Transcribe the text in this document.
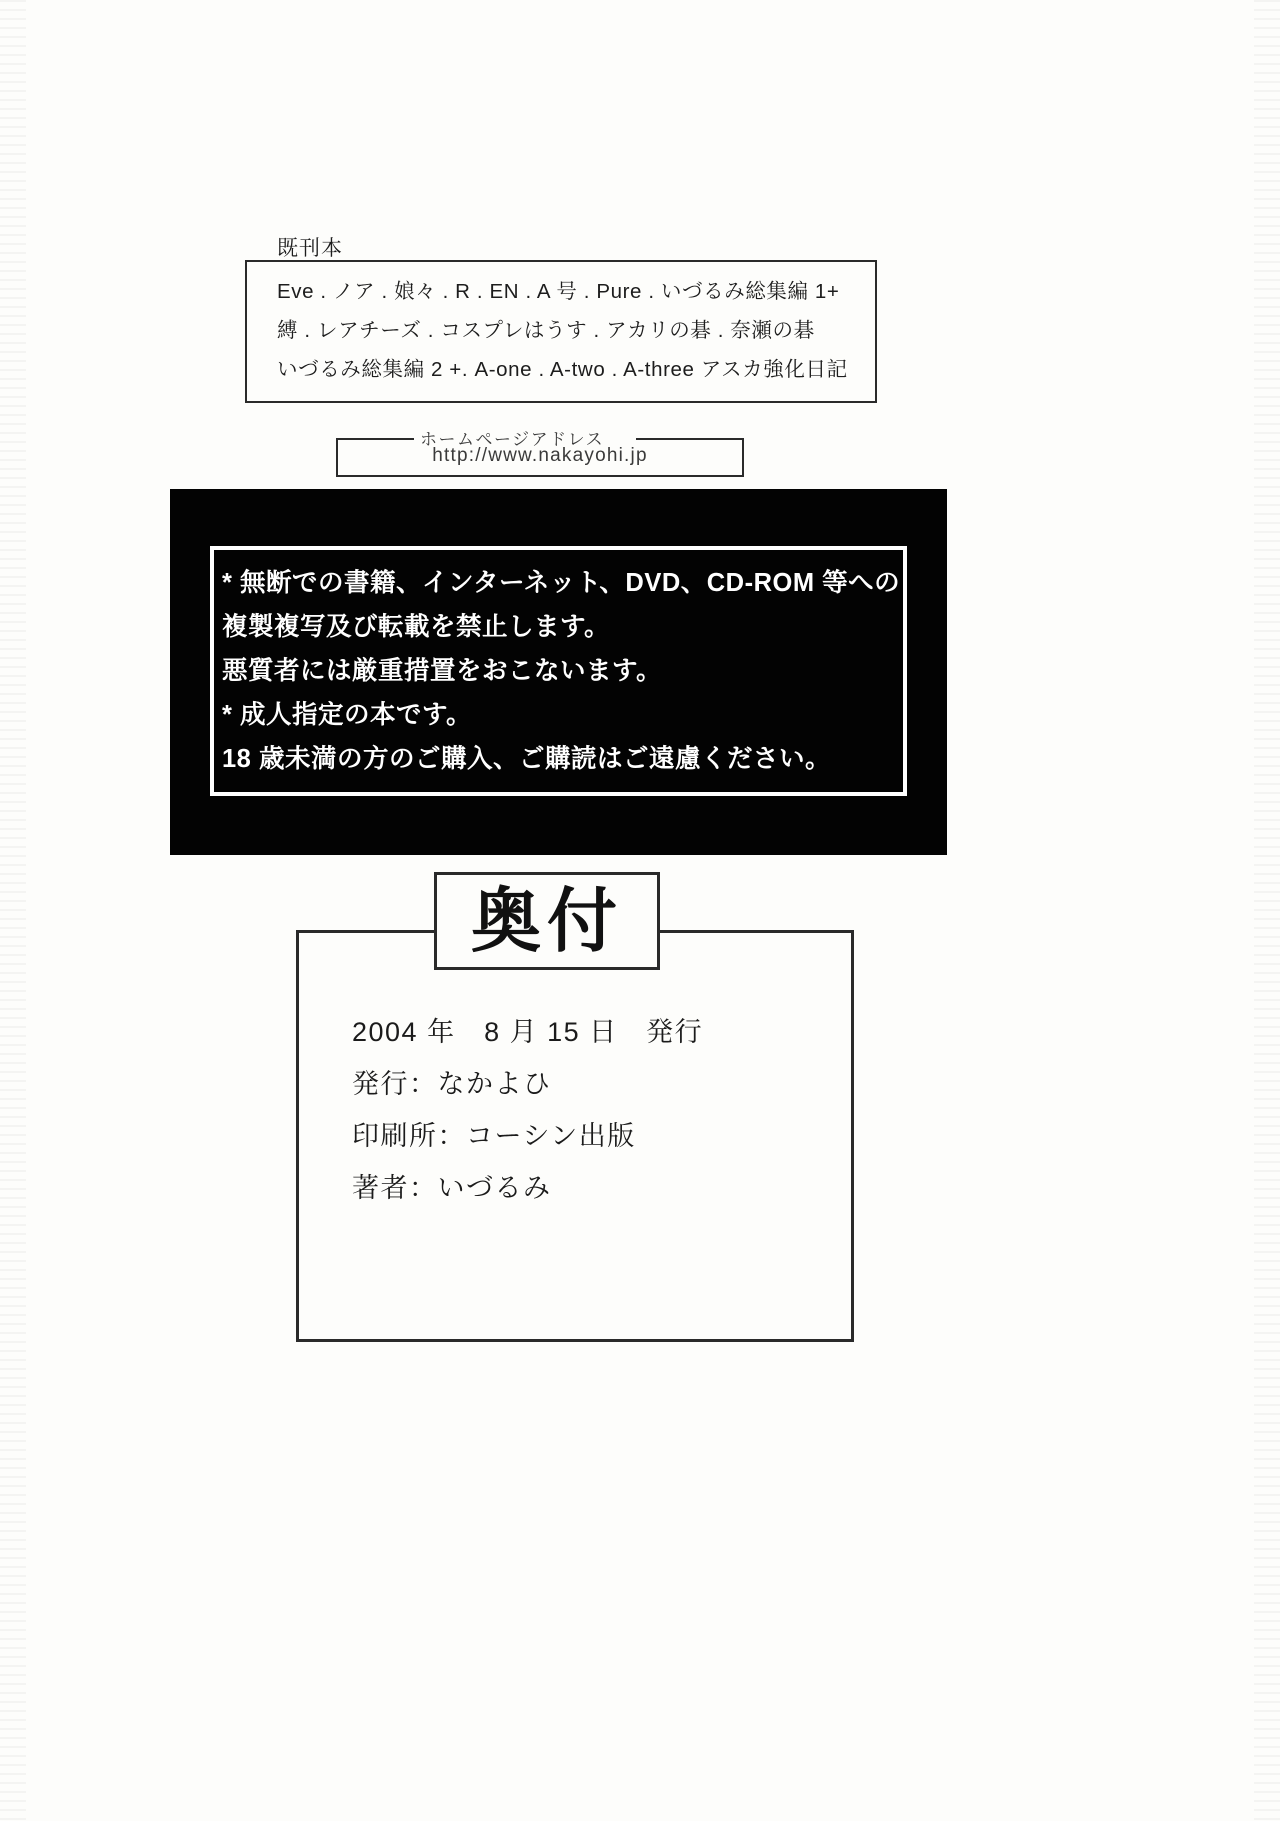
既刊本
Eve . ノア . 娘々 . R . EN . A 号 . Pure . いづるみ総集編 1+
縛 . レアチーズ . コスプレはうす . アカリの碁 . 奈瀬の碁
いづるみ総集編 2 +. A-one . A-two . A-three アスカ強化日記
ホームページアドレス
http://www.nakayohi.jp
* 無断での書籍、インターネット、DVD、CD-ROM 等への
複製複写及び転載を禁止します。
悪質者には厳重措置をおこないます。
* 成人指定の本です。
18 歳未満の方のご購入、ご購読はご遠慮ください。
奥付
2004 年　8 月 15 日　発行
発行：なかよひ
印刷所：コーシン出版
著者：いづるみ
